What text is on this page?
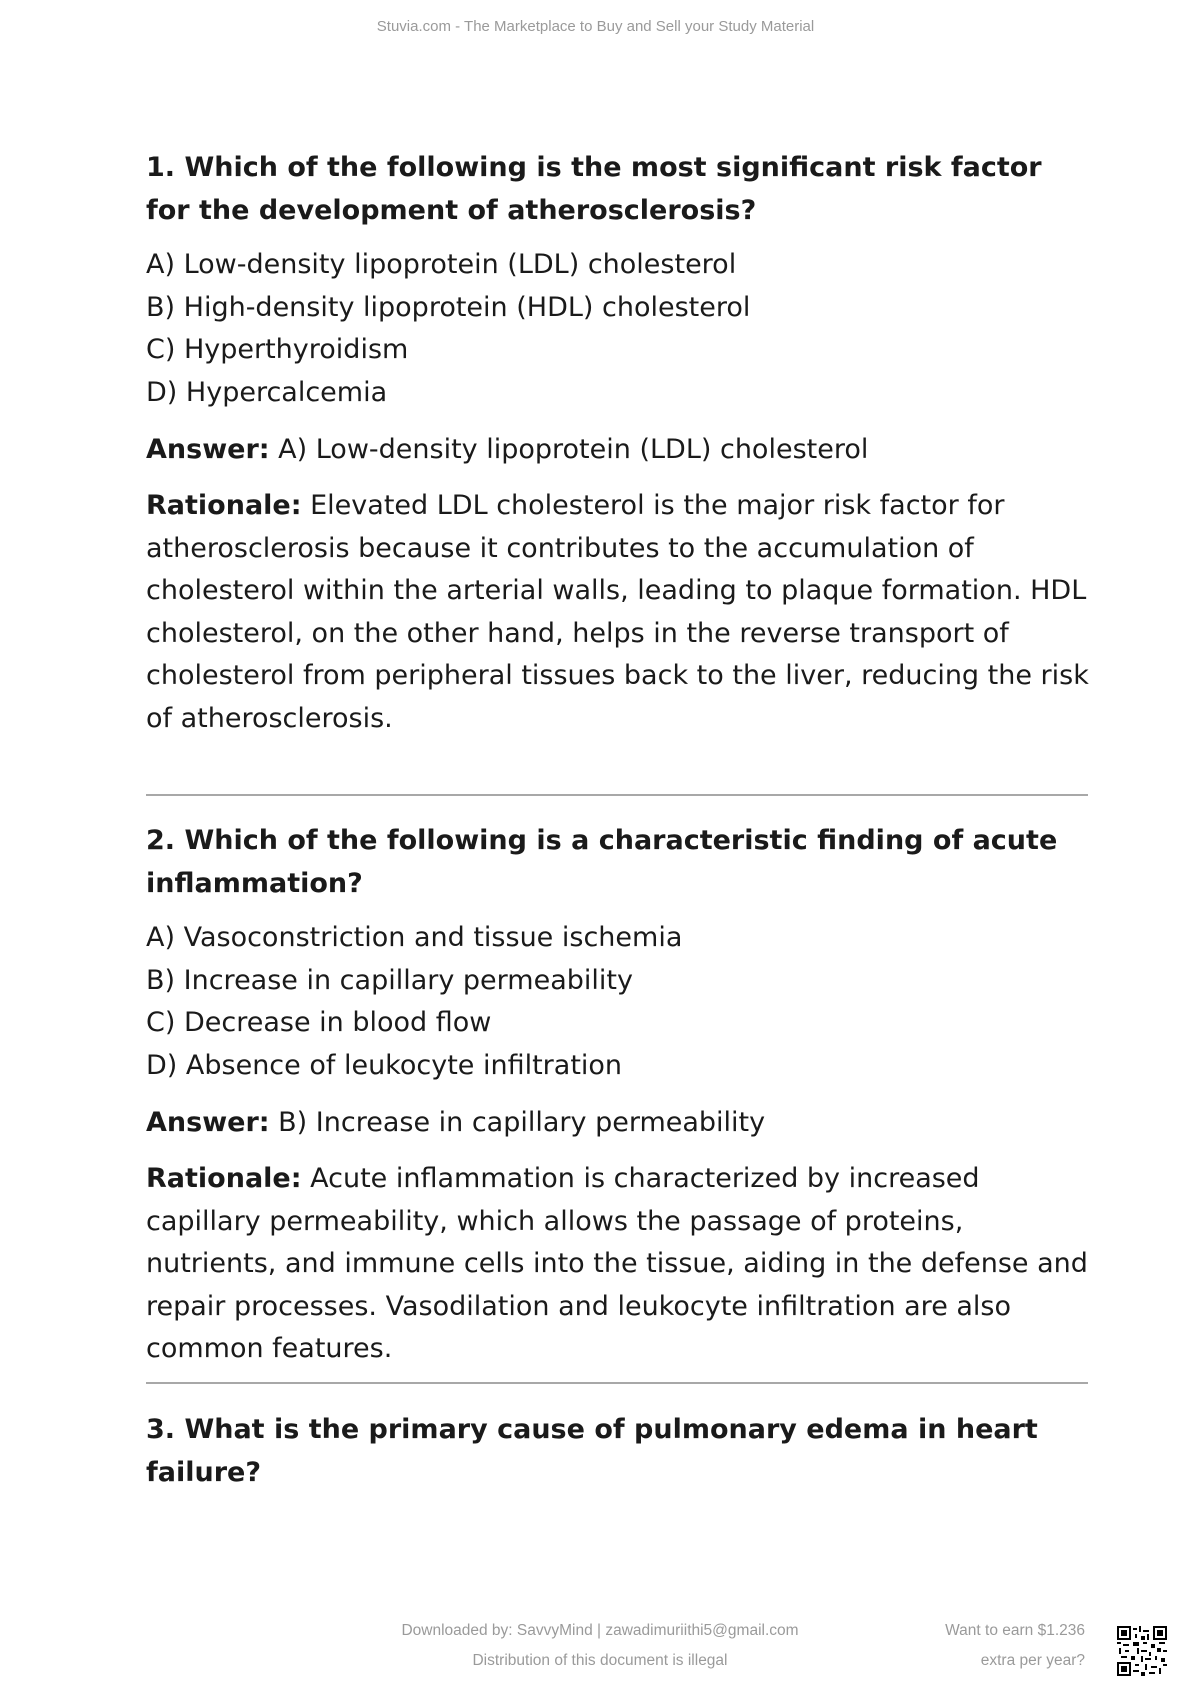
Stuvia.com - The Marketplace to Buy and Sell your Study Material

1. Which of the following is the most significant risk factor for the development of atherosclerosis?

A) Low-density lipoprotein (LDL) cholesterol
B) High-density lipoprotein (HDL) cholesterol
C) Hyperthyroidism
D) Hypercalcemia
Answer: A) Low-density lipoprotein (LDL) cholesterol
Rationale: Elevated LDL cholesterol is the major risk factor for atherosclerosis because it contributes to the accumulation of cholesterol within the arterial walls, leading to plaque formation. HDL cholesterol, on the other hand, helps in the reverse transport of cholesterol from peripheral tissues back to the liver, reducing the risk of atherosclerosis.

2. Which of the following is a characteristic finding of acute inflammation?

A) Vasoconstriction and tissue ischemia
B) Increase in capillary permeability
C) Decrease in blood flow
D) Absence of leukocyte infiltration
Answer: B) Increase in capillary permeability
Rationale: Acute inflammation is characterized by increased capillary permeability, which allows the passage of proteins, nutrients, and immune cells into the tissue, aiding in the defense and repair processes. Vasodilation and leukocyte infiltration are also common features.

3. What is the primary cause of pulmonary edema in heart failure?

Downloaded by: SavvyMind | zawadimuriithi5@gmail.com
Distribution of this document is illegal
Want to earn $1.236
extra per year?
